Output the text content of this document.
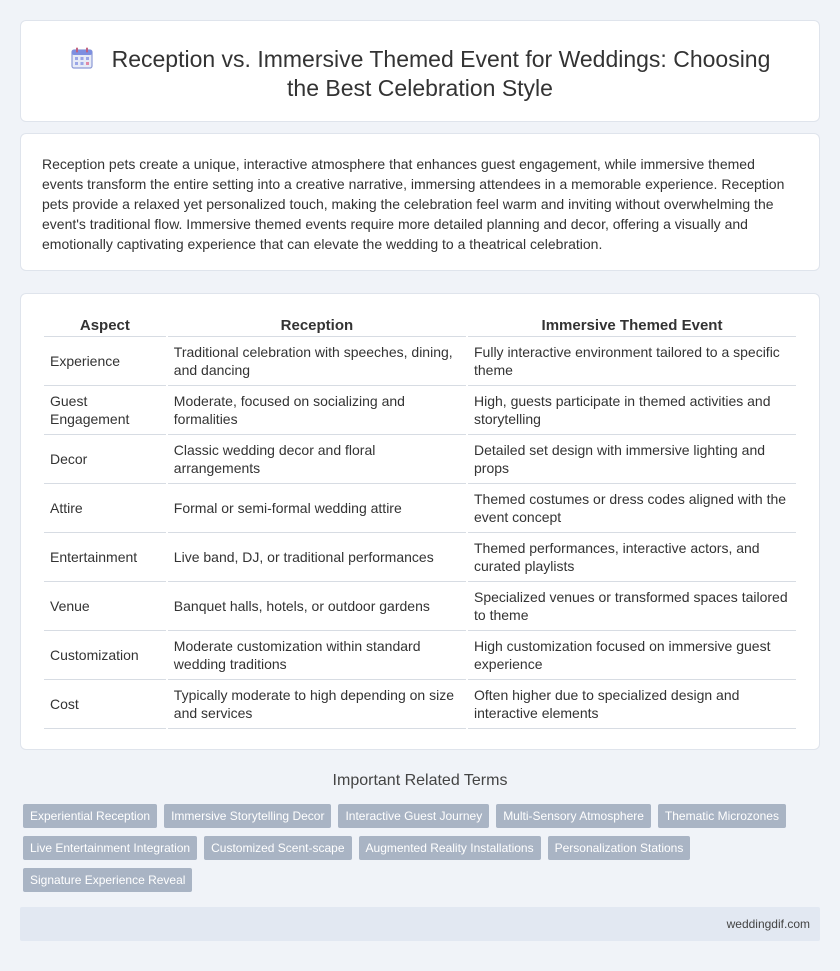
Reception vs. Immersive Themed Event for Weddings: Choosing the Best Celebration Style

Reception pets create a unique, interactive atmosphere that enhances guest engagement, while immersive themed events transform the entire setting into a creative narrative, immersing attendees in a memorable experience. Reception pets provide a relaxed yet personalized touch, making the celebration feel warm and inviting without overwhelming the event's traditional flow. Immersive themed events require more detailed planning and decor, offering a visually and emotionally captivating experience that can elevate the wedding to a theatrical celebration.

Aspect	Reception	Immersive Themed Event
Experience	Traditional celebration with speeches, dining, and dancing	Fully interactive environment tailored to a specific theme
Guest Engagement	Moderate, focused on socializing and formalities	High, guests participate in themed activities and storytelling
Decor	Classic wedding decor and floral arrangements	Detailed set design with immersive lighting and props
Attire	Formal or semi-formal wedding attire	Themed costumes or dress codes aligned with the event concept
Entertainment	Live band, DJ, or traditional performances	Themed performances, interactive actors, and curated playlists
Venue	Banquet halls, hotels, or outdoor gardens	Specialized venues or transformed spaces tailored to theme
Customization	Moderate customization within standard wedding traditions	High customization focused on immersive guest experience
Cost	Typically moderate to high depending on size and services	Often higher due to specialized design and interactive elements
Important Related Terms
Experiential Reception	Immersive Storytelling Decor	Interactive Guest Journey	Multi-Sensory Atmosphere	Thematic Microzones
Live Entertainment Integration	Customized Scent-scape	Augmented Reality Installations	Personalization Stations
Signature Experience Reveal
weddingdif.com
